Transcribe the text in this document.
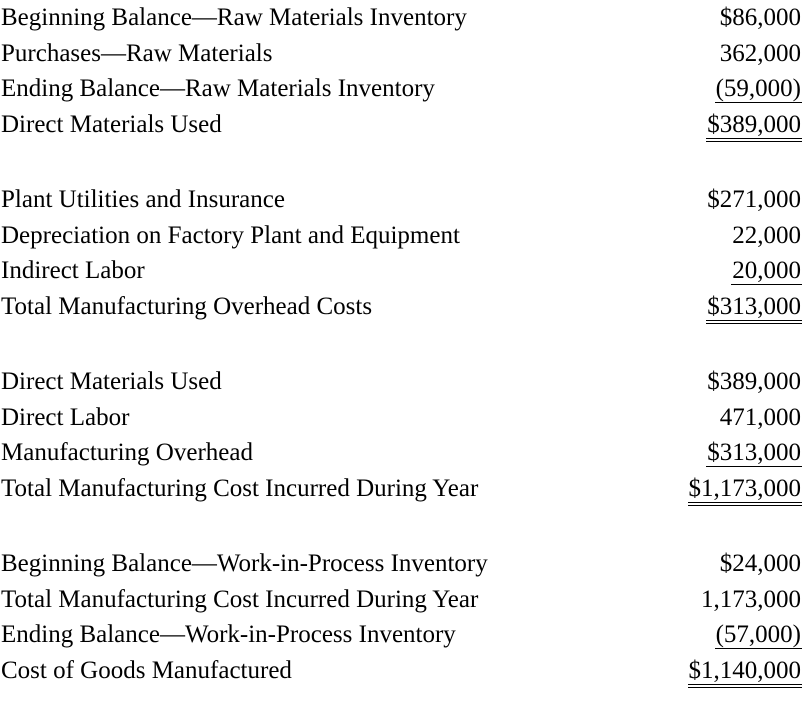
Beginning Balance—Raw Materials Inventory	$86,000
Purchases—Raw Materials	362,000
Ending Balance—Raw Materials Inventory	(59,000)
Direct Materials Used	$389,000
Plant Utilities and Insurance	$271,000
Depreciation on Factory Plant and Equipment	22,000
Indirect Labor	20,000
Total Manufacturing Overhead Costs	$313,000
Direct Materials Used	$389,000
Direct Labor	471,000
Manufacturing Overhead	$313,000
Total Manufacturing Cost Incurred During Year	$1,173,000
Beginning Balance—Work-in-Process Inventory	$24,000
Total Manufacturing Cost Incurred During Year	1,173,000
Ending Balance—Work-in-Process Inventory	(57,000)
Cost of Goods Manufactured	$1,140,000
